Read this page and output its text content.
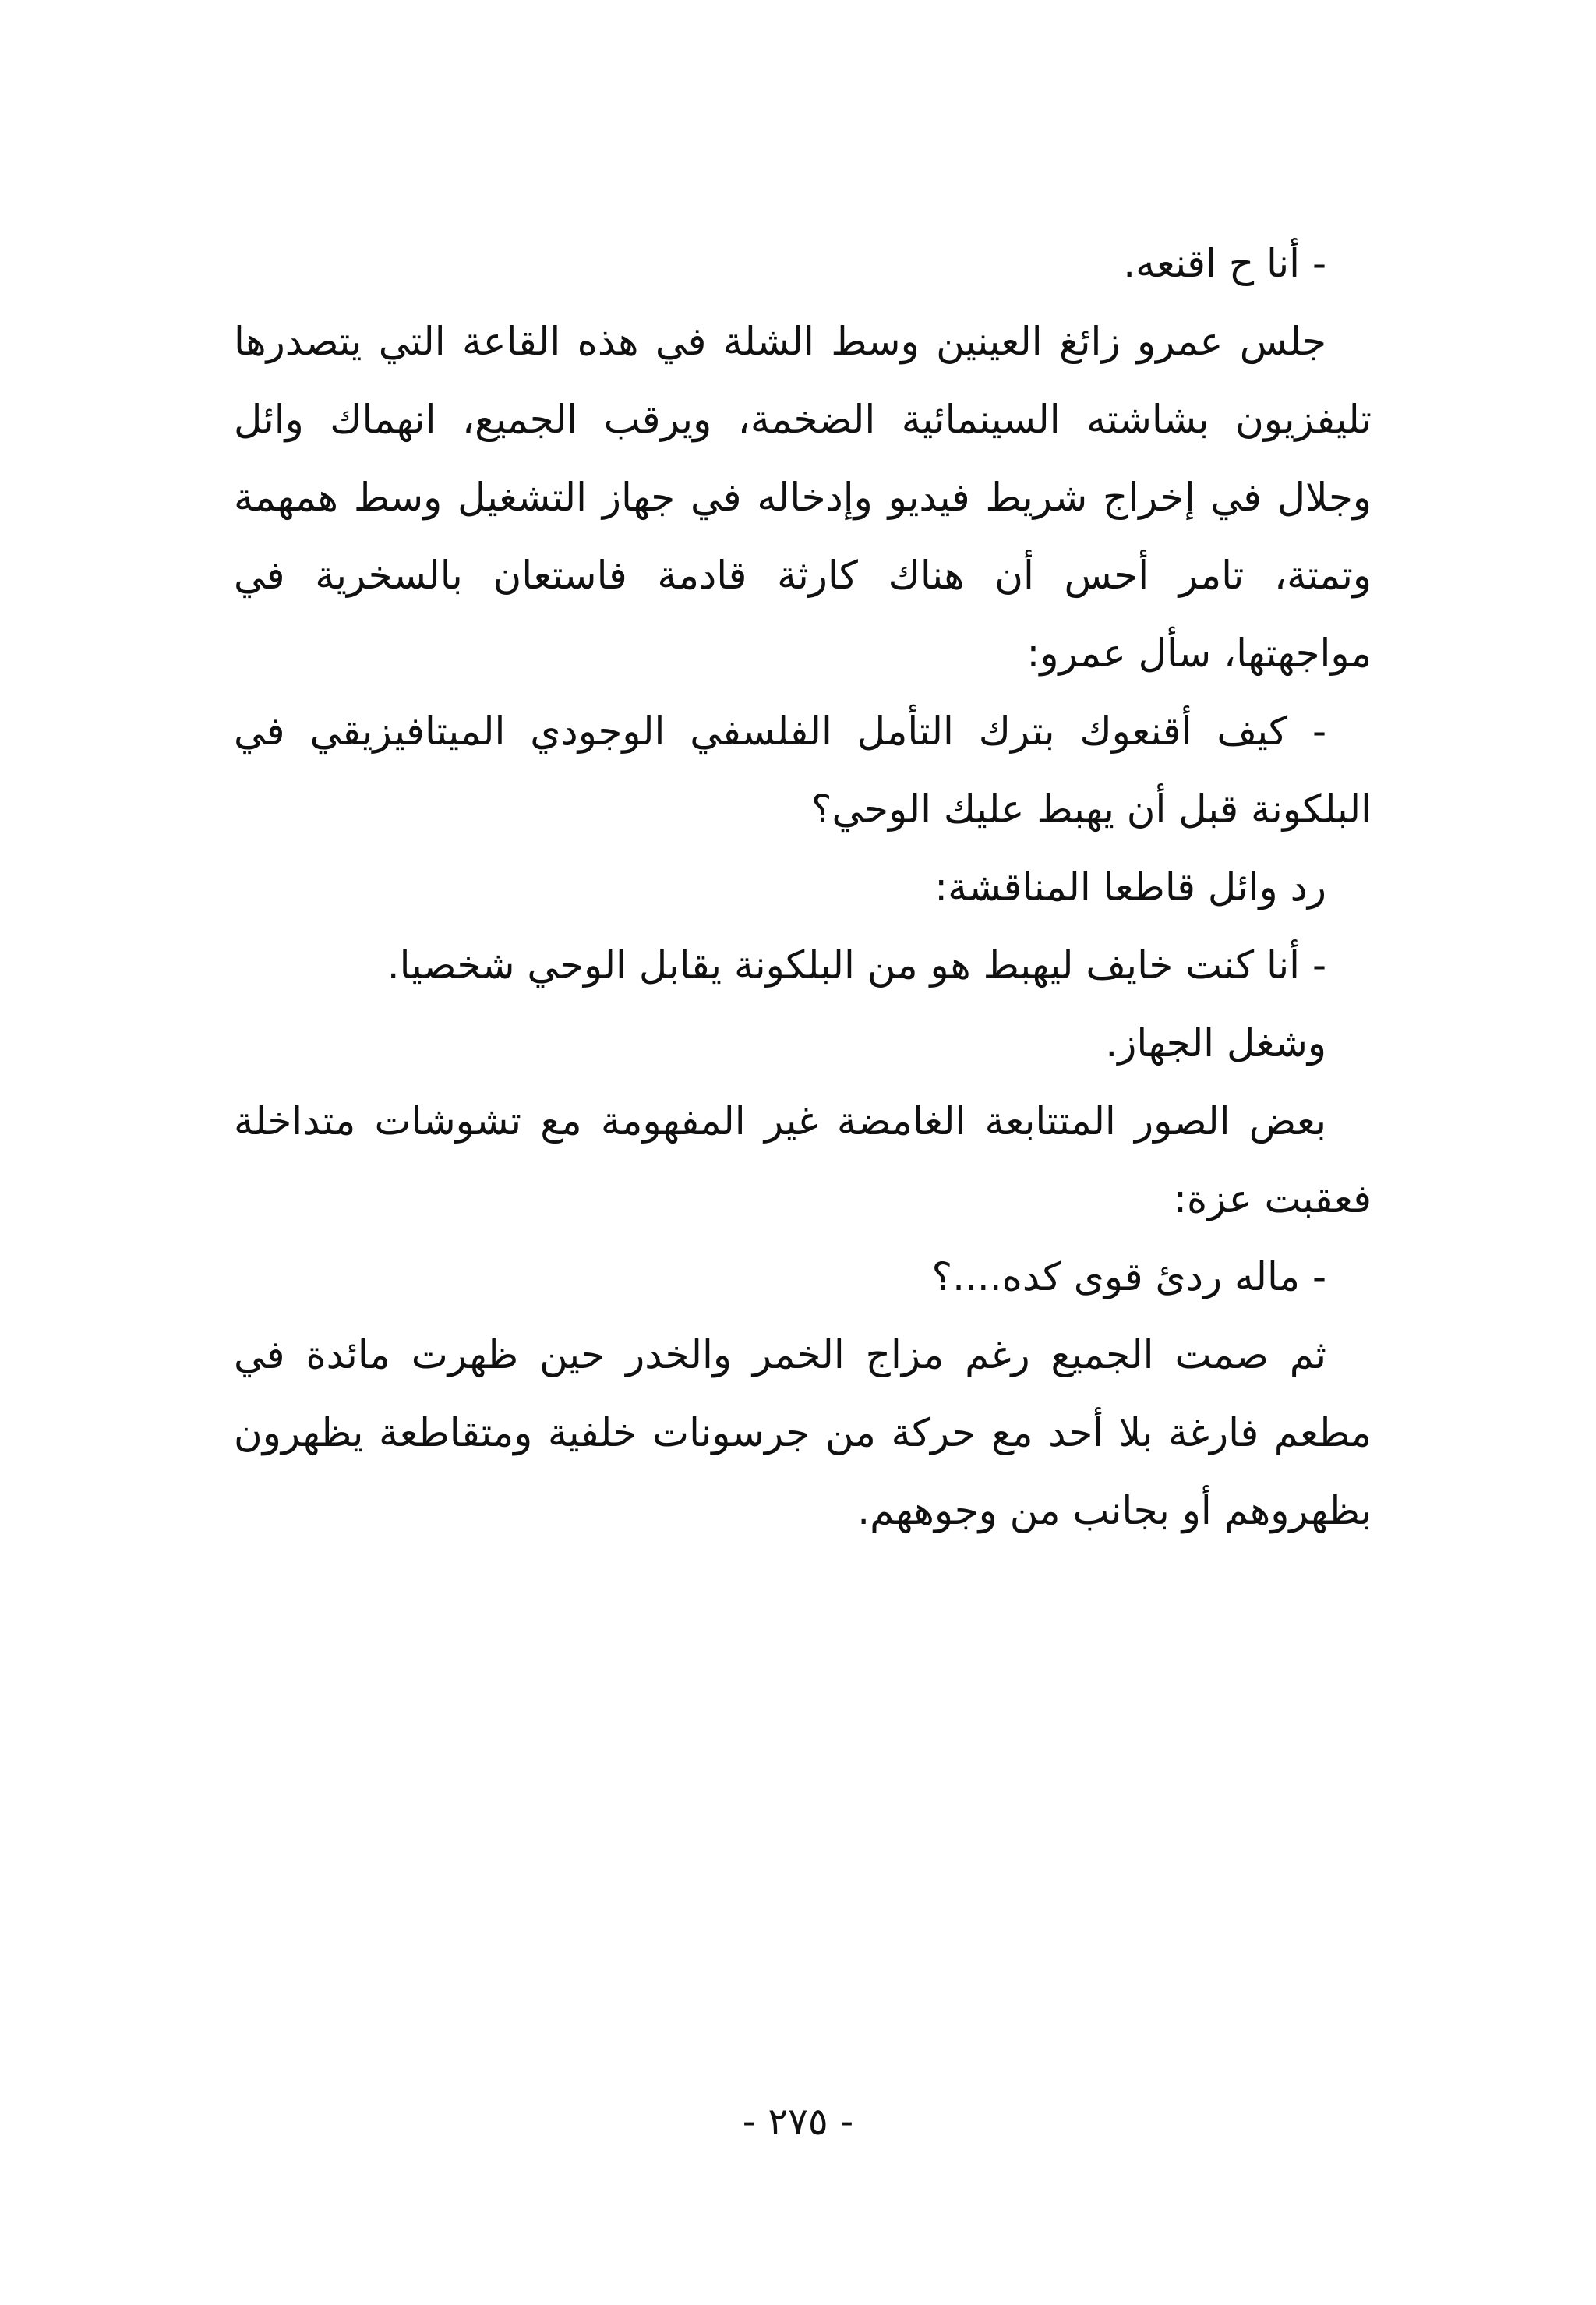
- أنا ح اقنعه.

جلس عمرو زائغ العينين وسط الشلة في هذه القاعة التي يتصدرها تليفزيون بشاشته السينمائية الضخمة، ويرقب الجميع، انهماك وائل وجلال في إخراج شريط فيديو وإدخاله في جهاز التشغيل وسط همهمة وتمتة، تامر أحس أن هناك كارثة قادمة فاستعان بالسخرية في مواجهتها، سأل عمرو:

- كيف أقنعوك بترك التأمل الفلسفي الوجودي الميتافيزيقي في البلكونة قبل أن يهبط عليك الوحي؟

رد وائل قاطعا المناقشة:

- أنا كنت خايف ليهبط هو من البلكونة يقابل الوحي شخصيا.

وشغل الجهاز.

بعض الصور المتتابعة الغامضة غير المفهومة مع تشوشات متداخلة فعقبت عزة:

- ماله ردئ قوى كده....؟

ثم صمت الجميع رغم مزاج الخمر والخدر حين ظهرت مائدة في مطعم فارغة بلا أحد مع حركة من جرسونات خلفية ومتقاطعة يظهرون بظهروهم أو بجانب من وجوههم.

- ٢٧٥ -
